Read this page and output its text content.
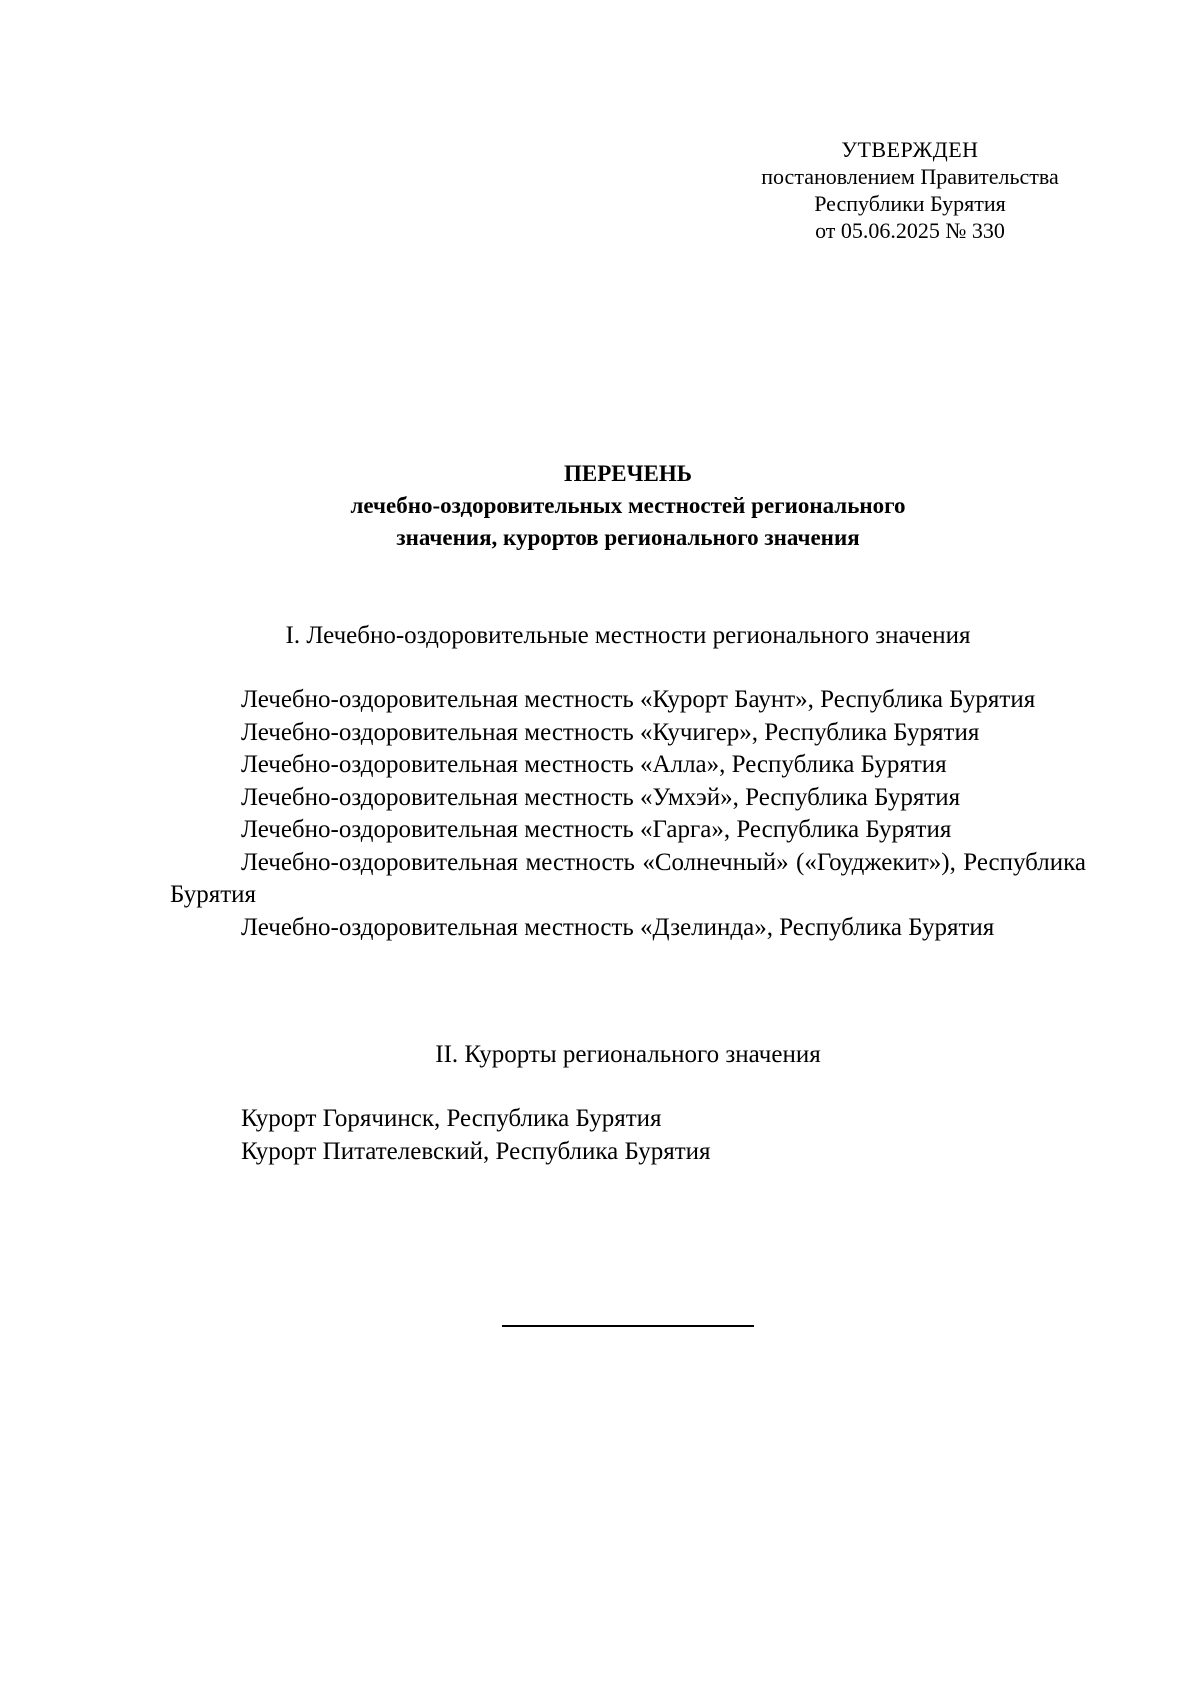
УТВЕРЖДЕН
постановлением Правительства
Республики Бурятия
от 05.06.2025 № 330
ПЕРЕЧЕНЬ
лечебно-оздоровительных местностей регионального
значения, курортов регионального значения
I. Лечебно-оздоровительные местности регионального значения
Лечебно-оздоровительная местность «Курорт Баунт», Республика Бурятия
Лечебно-оздоровительная местность «Кучигер», Республика Бурятия
Лечебно-оздоровительная местность «Алла», Республика Бурятия
Лечебно-оздоровительная местность «Умхэй», Республика Бурятия
Лечебно-оздоровительная местность «Гарга», Республика Бурятия
Лечебно-оздоровительная местность «Солнечный» («Гоуджекит»), Республика Бурятия
Лечебно-оздоровительная местность «Дзелинда», Республика Бурятия
II. Курорты регионального значения
Курорт Горячинск, Республика Бурятия
Курорт Питателевский, Республика Бурятия
